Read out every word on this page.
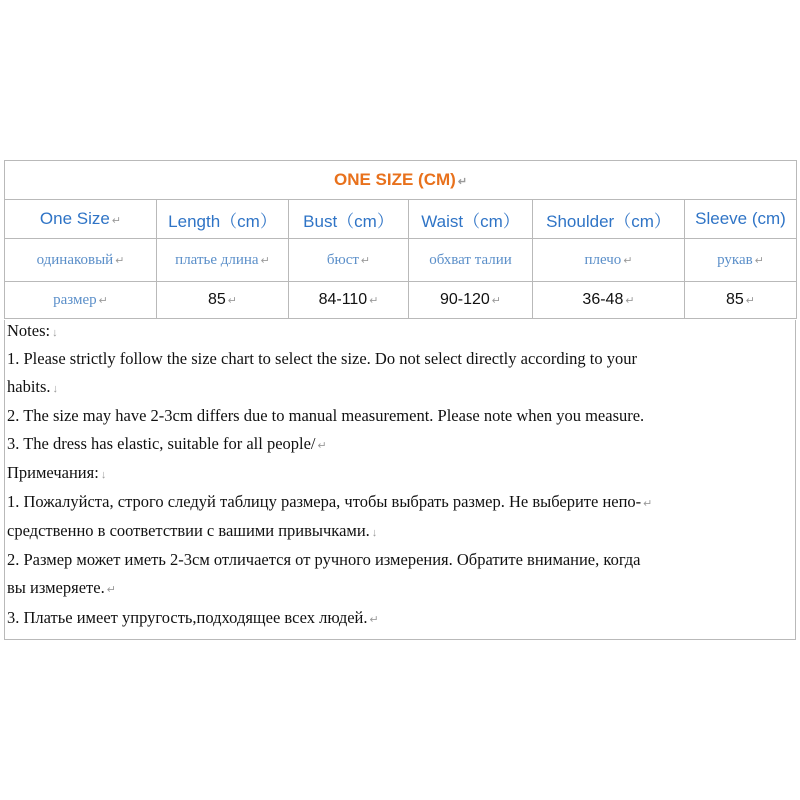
ONE SIZE (CM) ↵					
One Size ↵	Length（cm）	Bust（cm）	Waist（cm）	Shoulder（cm）	Sleeve (cm)
одинаковый ↵	платье длина ↵	бюст ↵	обхват талии	плечо ↵	рукав ↵
размер ↵	85 ↵	84-110 ↵	90-120 ↵	36-48 ↵	85 ↵
Notes: ↓
1. Please strictly follow the size chart to select the size. Do not select directly according to your
habits. ↓
2. The size may have 2-3cm differs due to manual measurement. Please note when you measure.
3. The dress has elastic, suitable for all people/ ↵
Примечания: ↓
1. Пожалуйста, строго следуй таблицу размера, чтобы выбрать размер. Не выберите непо- ↵
средственно в соответствии с вашими привычками. ↓
2. Размер может иметь 2-3см отличается от ручного измерения. Обратите внимание, когда
вы измеряете. ↵
3. Платье имеет упругость,подходящее всех людей. ↵
